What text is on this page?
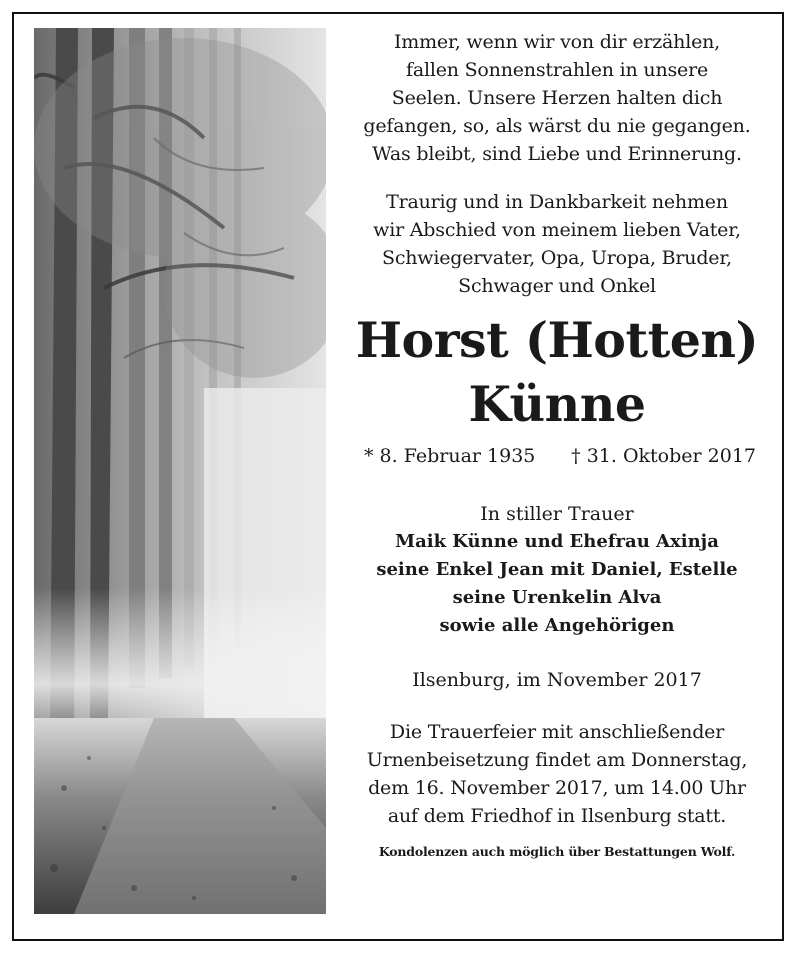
Immer, wenn wir von dir erzählen,
fallen Sonnenstrahlen in unsere
Seelen. Unsere Herzen halten dich
gefangen, so, als wärst du nie gegangen.
Was bleibt, sind Liebe und Erinnerung.
Traurig und in Dankbarkeit nehmen
wir Abschied von meinem lieben Vater,
Schwiegervater, Opa, Uropa, Bruder,
Schwager und Onkel
Horst (Hotten)
Künne
* 8. Februar 1935 † 31. Oktober 2017
In stiller Trauer
Maik Künne und Ehefrau Axinja
seine Enkel Jean mit Daniel, Estelle
seine Urenkelin Alva
sowie alle Angehörigen
Ilsenburg, im November 2017
Die Trauerfeier mit anschließender
Urnenbeisetzung findet am Donnerstag,
dem 16. November 2017, um 14.00 Uhr
auf dem Friedhof in Ilsenburg statt.
Kondolenzen auch möglich über Bestattungen Wolf.
